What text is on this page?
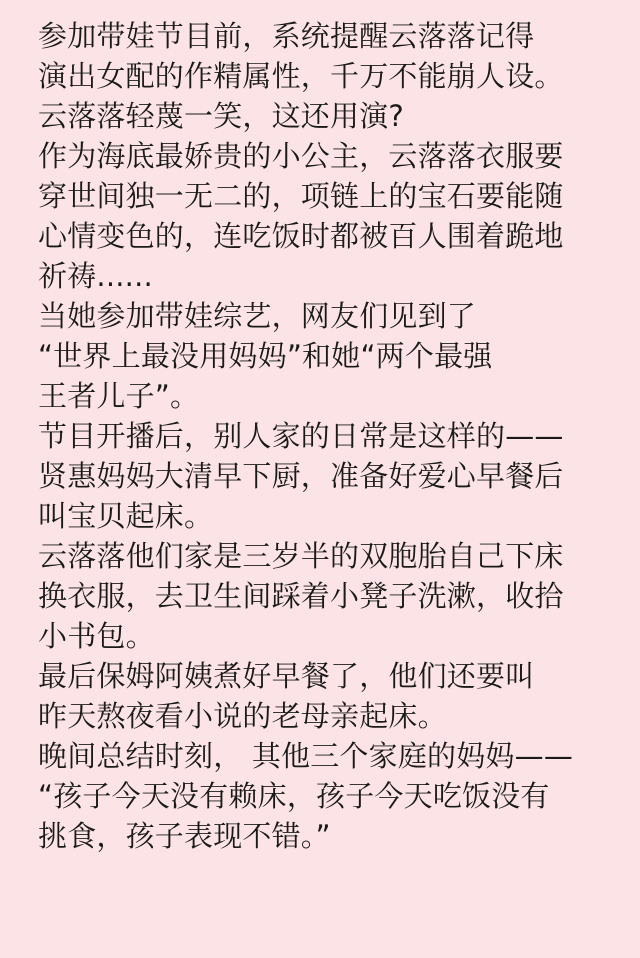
参加带娃节目前，系统提醒云落落记得

演出女配的作精属性，千万不能崩人设。

云落落轻蔑一笑，这还用演?

作为海底最娇贵的小公主，云落落衣服要

穿世间独一无二的，项链上的宝石要能随

心情变色的，连吃饭时都被百人围着跪地

祈祷......

当她参加带娃综艺，网友们见到了

“世界上最没用妈妈”和她“两个最强

王者儿子”。

节目开播后，别人家的日常是这样的——

贤惠妈妈大清早下厨，准备好爱心早餐后

叫宝贝起床。

云落落他们家是三岁半的双胞胎自己下床

换衣服，去卫生间踩着小凳子洗漱，收拾

小书包。

最后保姆阿姨煮好早餐了，他们还要叫

昨天熬夜看小说的老母亲起床。

晚间总结时刻， 其他三个家庭的妈妈——

“孩子今天没有赖床，孩子今天吃饭没有

挑食，孩子表现不错。”
